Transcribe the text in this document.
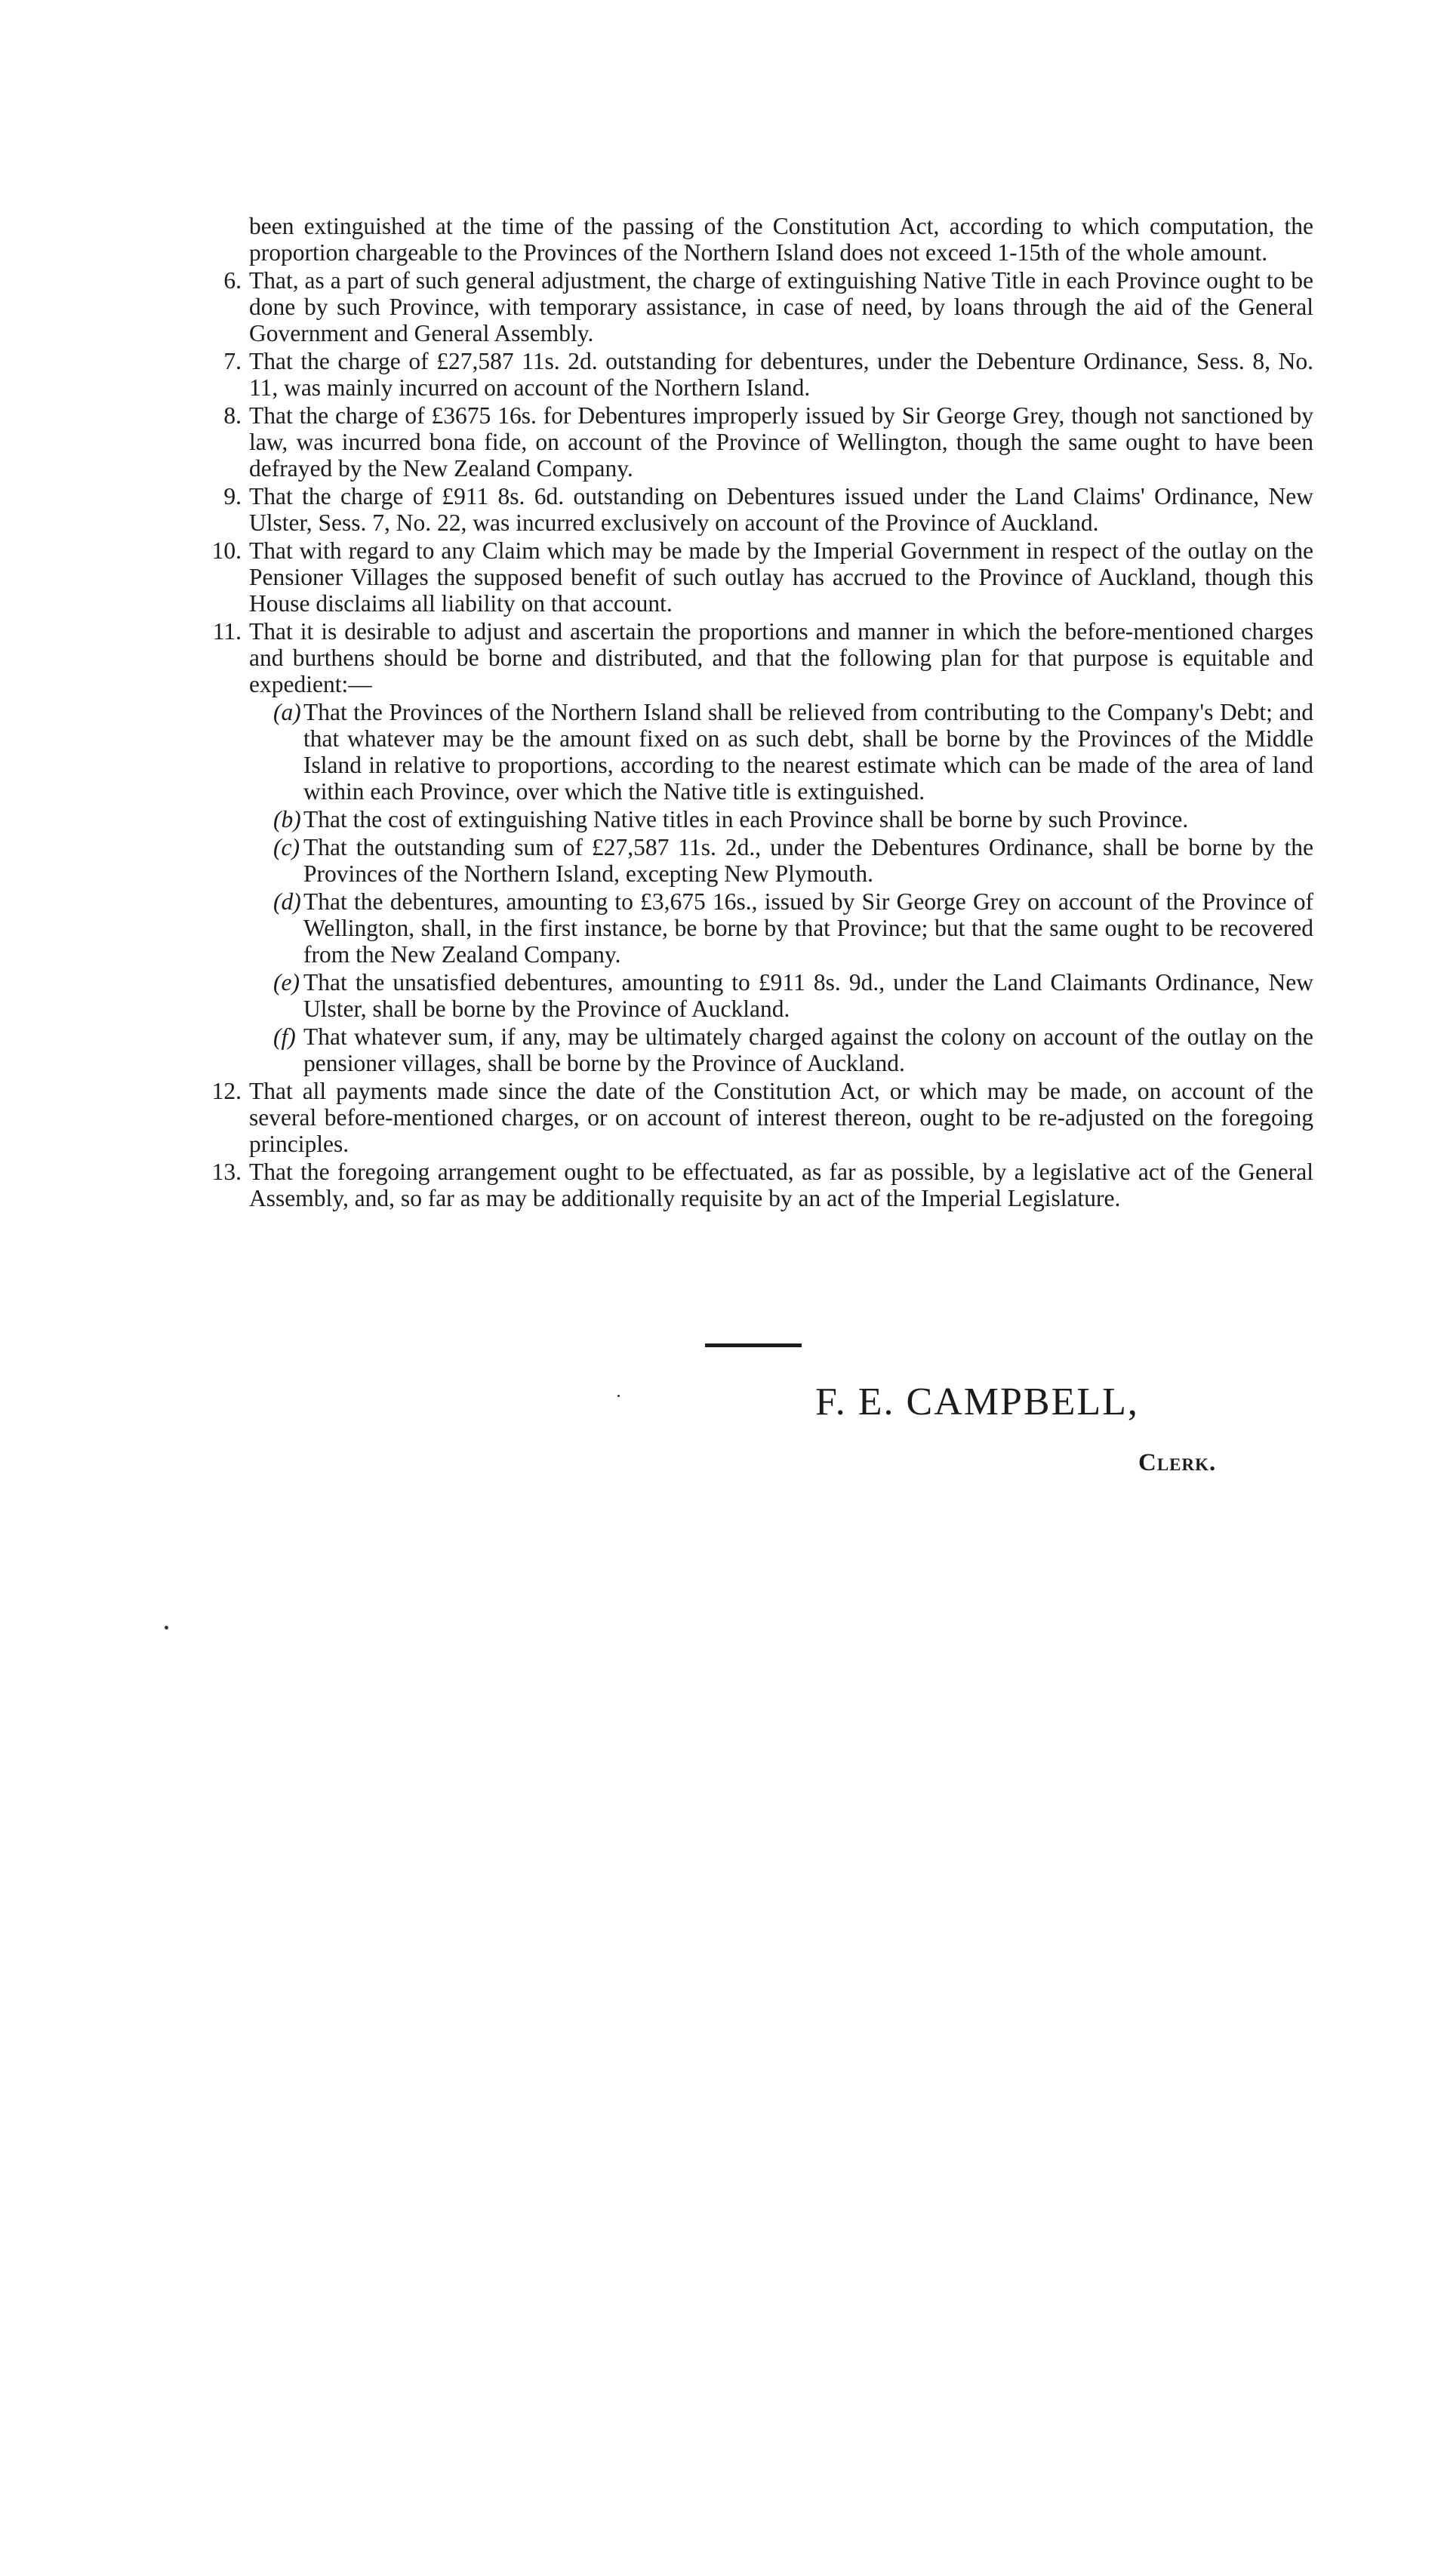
been extinguished at the time of the passing of the Constitution Act, according to which computation, the proportion chargeable to the Provinces of the Northern Island does not exceed 1-15th of the whole amount.

6. That, as a part of such general adjustment, the charge of extinguishing Native Title in each Province ought to be done by such Province, with temporary assistance, in case of need, by loans through the aid of the General Government and General Assembly.
7. That the charge of £27,587 11s. 2d. outstanding for debentures, under the Debenture Ordinance, Sess. 8, No. 11, was mainly incurred on account of the Northern Island.
8. That the charge of £3675 16s. for Debentures improperly issued by Sir George Grey, though not sanctioned by law, was incurred bona fide, on account of the Province of Wellington, though the same ought to have been defrayed by the New Zealand Company.
9. That the charge of £911 8s. 6d. outstanding on Debentures issued under the Land Claims' Ordinance, New Ulster, Sess. 7, No. 22, was incurred exclusively on account of the Province of Auckland.
10. That with regard to any Claim which may be made by the Imperial Government in respect of the outlay on the Pensioner Villages the supposed benefit of such outlay has accrued to the Province of Auckland, though this House disclaims all liability on that account.
11. That it is desirable to adjust and ascertain the proportions and manner in which the before-mentioned charges and burthens should be borne and distributed, and that the following plan for that purpose is equitable and expedient:—
(a) That the Provinces of the Northern Island shall be relieved from contributing to the Company's Debt; and that whatever may be the amount fixed on as such debt, shall be borne by the Provinces of the Middle Island in relative to proportions, according to the nearest estimate which can be made of the area of land within each Province, over which the Native title is extinguished.
(b) That the cost of extinguishing Native titles in each Province shall be borne by such Province.
(c) That the outstanding sum of £27,587 11s. 2d., under the Debentures Ordinance, shall be borne by the Provinces of the Northern Island, excepting New Plymouth.
(d) That the debentures, amounting to £3,675 16s., issued by Sir George Grey on account of the Province of Wellington, shall, in the first instance, be borne by that Province; but that the same ought to be recovered from the New Zealand Company.
(e) That the unsatisfied debentures, amounting to £911 8s. 9d., under the Land Claimants Ordinance, New Ulster, shall be borne by the Province of Auckland.
(f) That whatever sum, if any, may be ultimately charged against the colony on account of the outlay on the pensioner villages, shall be borne by the Province of Auckland.
12. That all payments made since the date of the Constitution Act, or which may be made, on account of the several before-mentioned charges, or on account of interest thereon, ought to be re-adjusted on the foregoing principles.
13. That the foregoing arrangement ought to be effectuated, as far as possible, by a legislative act of the General Assembly, and, so far as may be additionally requisite by an act of the Imperial Legislature.
F. E. CAMPBELL,
Clerk.
